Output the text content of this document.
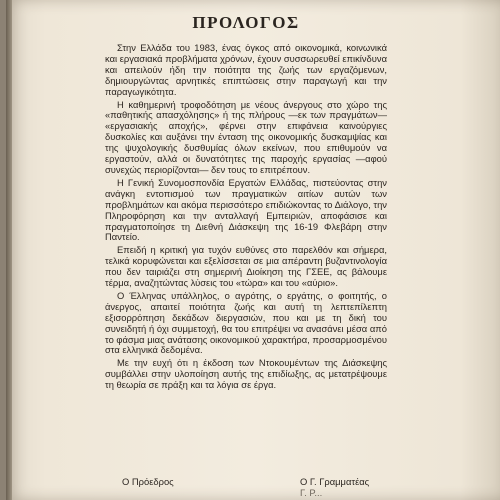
ΠΡΟΛΟΓΟΣ

Στην Ελλάδα του 1983, ένας όγκος από οικονομικά, κοινωνικά και εργασιακά προβλήματα χρόνων, έχουν συσσωρευθεί επικίνδυνα και απειλούν ήδη την ποιότητα της ζωής των εργαζόμενων, δημιουργώντας αρνητικές επιπτώσεις στην παραγωγή και την παραγωγικότητα.

Η καθημερινή τροφοδότηση με νέους άνεργους στο χώρο της «παθητικής απασχόλησης» ή της πλήρους —εκ των πραγμάτων— «εργασιακής αποχής», φέρνει στην επιφάνεια καινούργιες δυσκολίες και αυξάνει την ένταση της οικονομικής δυσκαμψίας και της ψυχολογικής δυσθυμίας όλων εκείνων, που επιθυμούν να εργαστούν, αλλά οι δυνατότητες της παροχής εργασίας —αφού συνεχώς περιορίζονται— δεν τους το επιτρέπουν.

Η Γενική Συνομοσπονδία Εργατών Ελλάδας, πιστεύοντας στην ανάγκη εντοπισμού των πραγματικών αιτίων αυτών των προβλημάτων και ακόμα περισσότερο επιδιώκοντας το Διάλογο, την Πληροφόρηση και την ανταλλαγή Εμπειριών, αποφάσισε και πραγματοποίησε τη Διεθνή Διάσκεψη της 16-19 Φλεβάρη στην Παντείο.

Επειδή η κριτική για τυχόν ευθύνες στο παρελθόν και σήμερα, τελικά κορυφώνεται και εξελίσσεται σε μια απέραντη βυζαντινολογία που δεν ταιριάζει στη σημερινή Διοίκηση της ΓΣΕΕ, ας βάλουμε τέρμα, αναζητώντας λύσεις του «τώρα» και του «αύριο».

Ο Έλληνας υπάλληλος, ο αγρότης, ο εργάτης, ο φοιτητής, ο άνεργος, απαιτεί ποιότητα ζωής και αυτή τη λεπτεπίλεπτη εξισορρόπηση δεκάδων διεργασιών, που και με τη δική του συνειδητή ή όχι συμμετοχή, θα του επιτρέψει να ανασάνει μέσα από το φάσμα μιας ανάτασης οικονομικού χαρακτήρα, προσαρμοσμένου στα ελληνικά δεδομένα.

Με την ευχή ότι η έκδοση των Ντοκουμέντων της Διάσκεψης συμβάλλει στην υλοποίηση αυτής της επιδίωξης, ας μετατρέψουμε τη θεωρία σε πράξη και τα λόγια σε έργα.

Ο Πρόεδρος	Ο Γ. Γραμματέας
Γ. Ρ...
